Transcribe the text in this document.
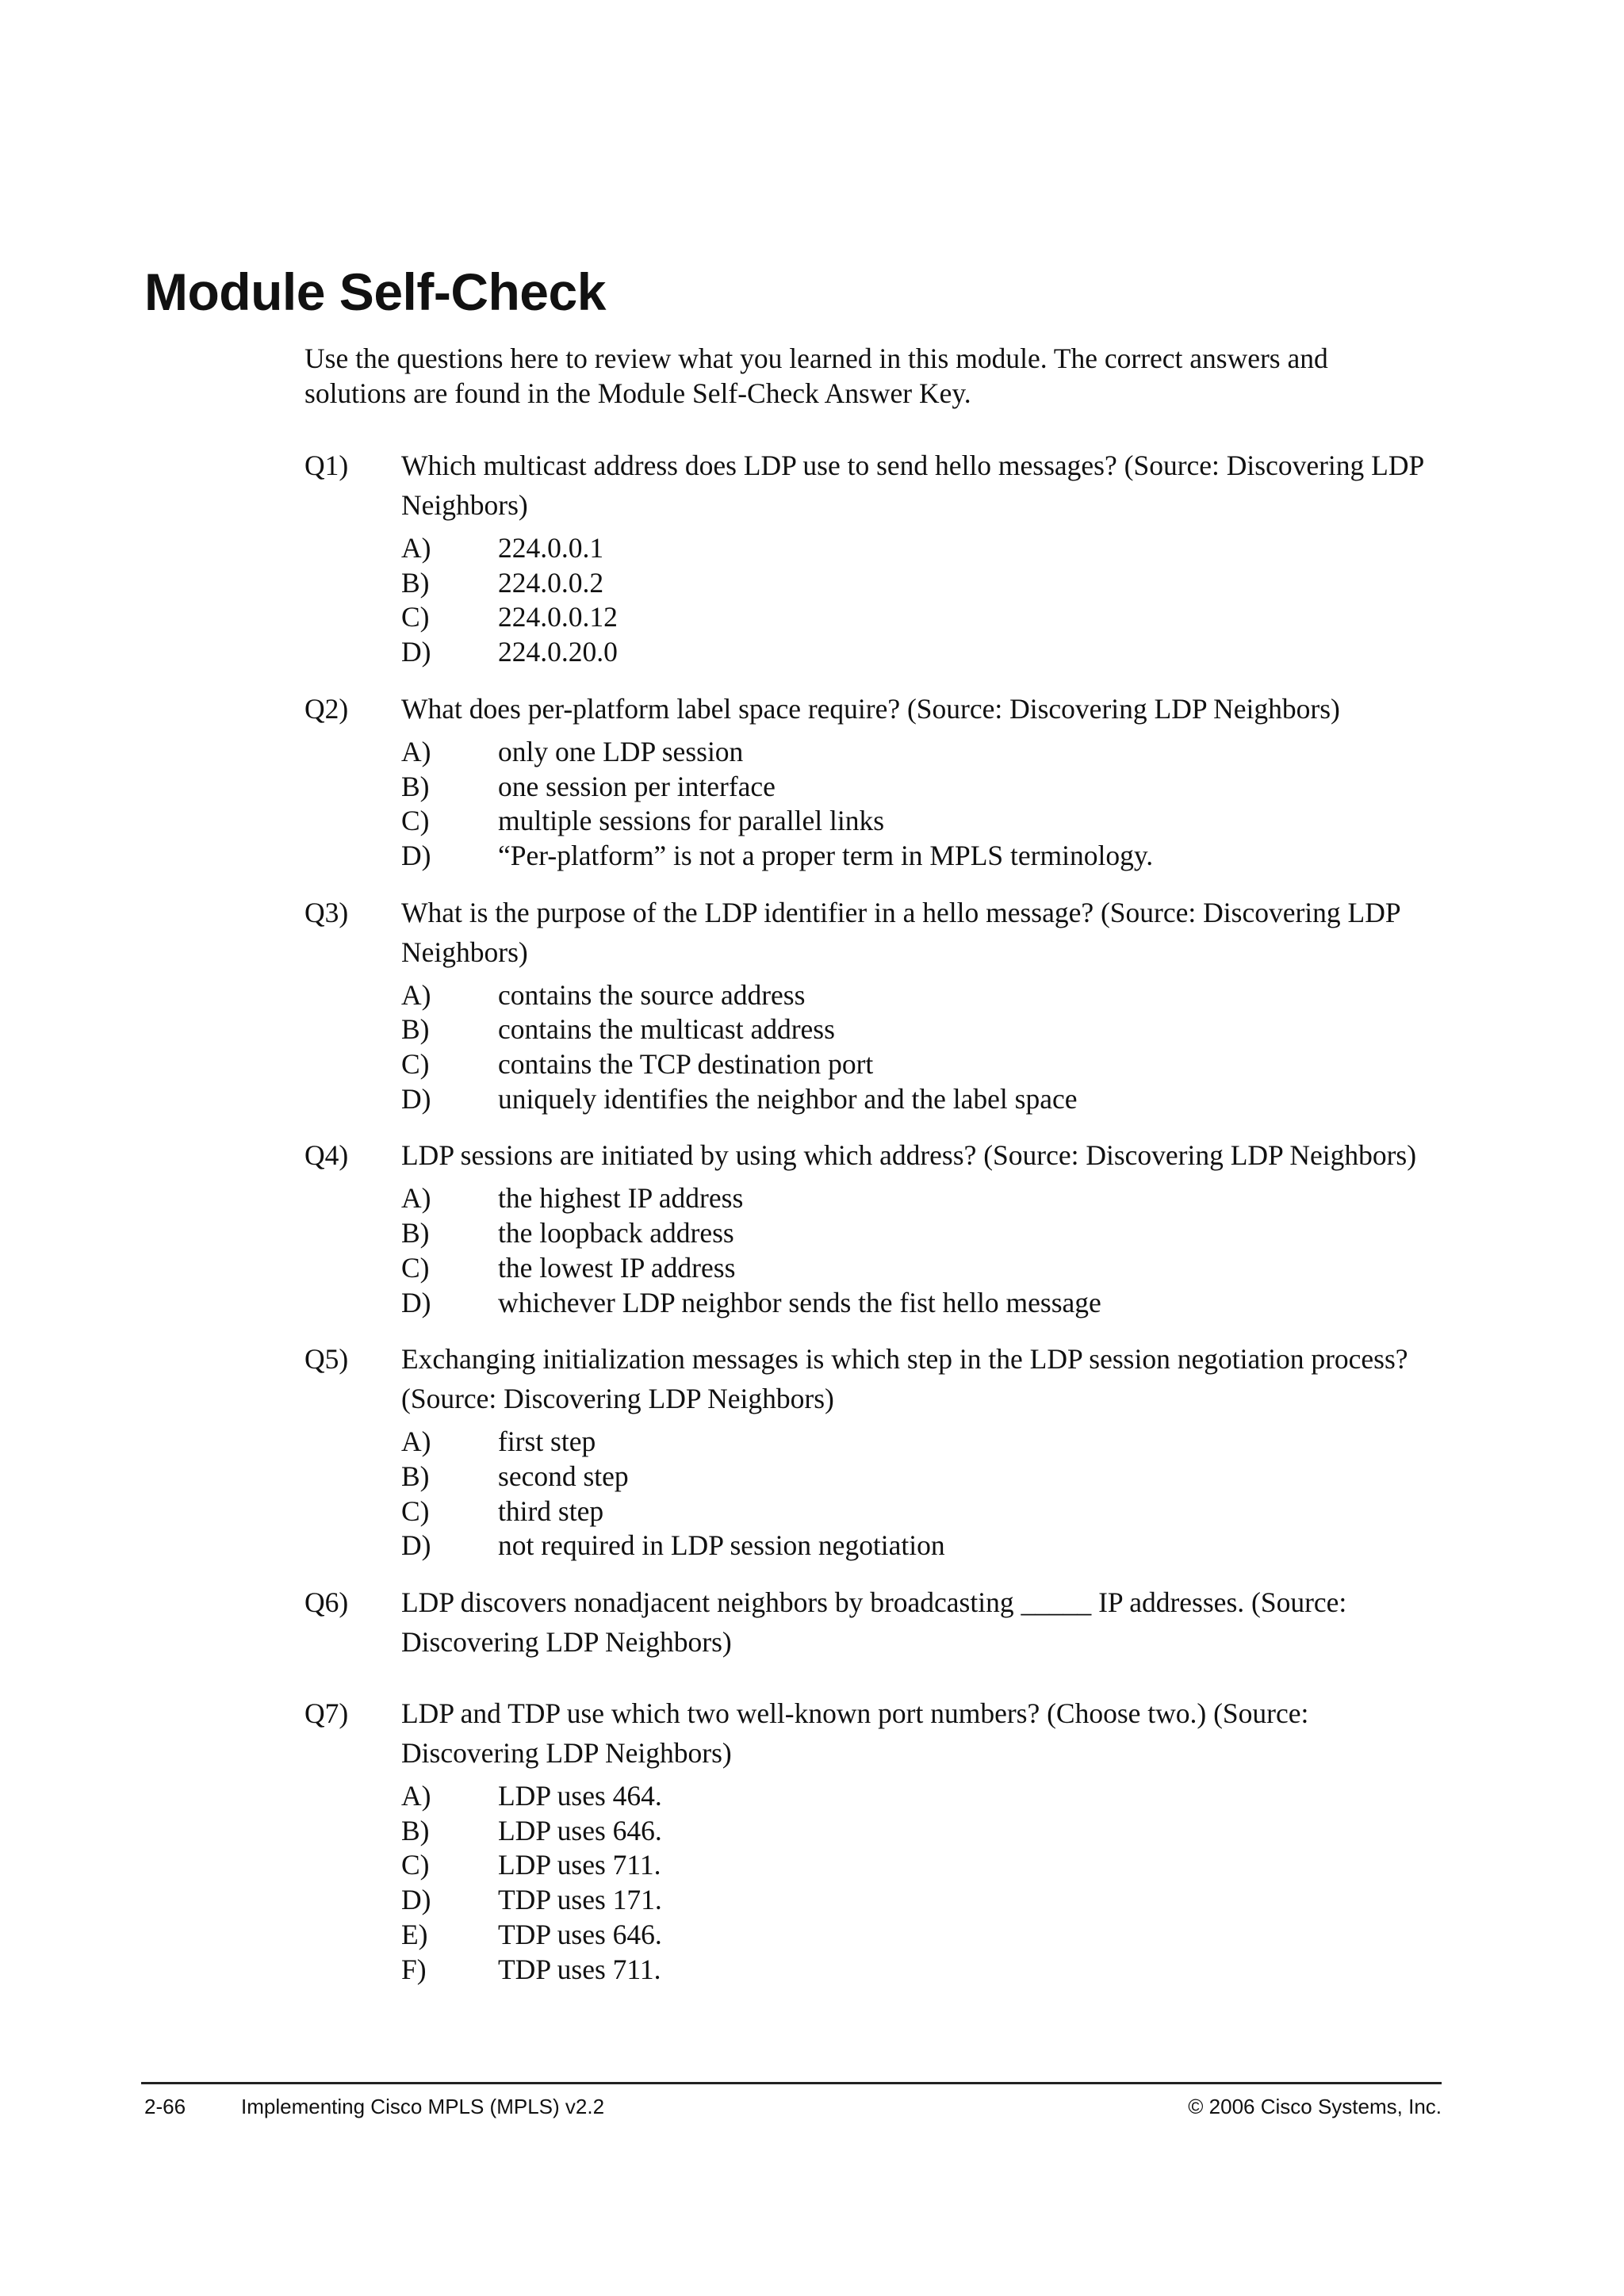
Module Self-Check

Use the questions here to review what you learned in this module. The correct answers and solutions are found in the Module Self-Check Answer Key.

Q1)	Which multicast address does LDP use to send hello messages? (Source: Discovering LDP Neighbors)
A)	224.0.0.1
B)	224.0.0.2
C)	224.0.0.12
D)	224.0.20.0
Q2)	What does per-platform label space require? (Source: Discovering LDP Neighbors)
A)	only one LDP session
B)	one session per interface
C)	multiple sessions for parallel links
D)	“Per-platform” is not a proper term in MPLS terminology.
Q3)	What is the purpose of the LDP identifier in a hello message? (Source: Discovering LDP Neighbors)
A)	contains the source address
B)	contains the multicast address
C)	contains the TCP destination port
D)	uniquely identifies the neighbor and the label space
Q4)	LDP sessions are initiated by using which address? (Source: Discovering LDP Neighbors)
A)	the highest IP address
B)	the loopback address
C)	the lowest IP address
D)	whichever LDP neighbor sends the fist hello message
Q5)	Exchanging initialization messages is which step in the LDP session negotiation process? (Source: Discovering LDP Neighbors)
A)	first step
B)	second step
C)	third step
D)	not required in LDP session negotiation
Q6)	LDP discovers nonadjacent neighbors by broadcasting _____ IP addresses. (Source: Discovering LDP Neighbors)
Q7)	LDP and TDP use which two well-known port numbers? (Choose two.) (Source: Discovering LDP Neighbors)
A)	LDP uses 464.
B)	LDP uses 646.
C)	LDP uses 711.
D)	TDP uses 171.
E)	TDP uses 646.
F)	TDP uses 711.
2-66	Implementing Cisco MPLS (MPLS) v2.2	© 2006 Cisco Systems, Inc.
